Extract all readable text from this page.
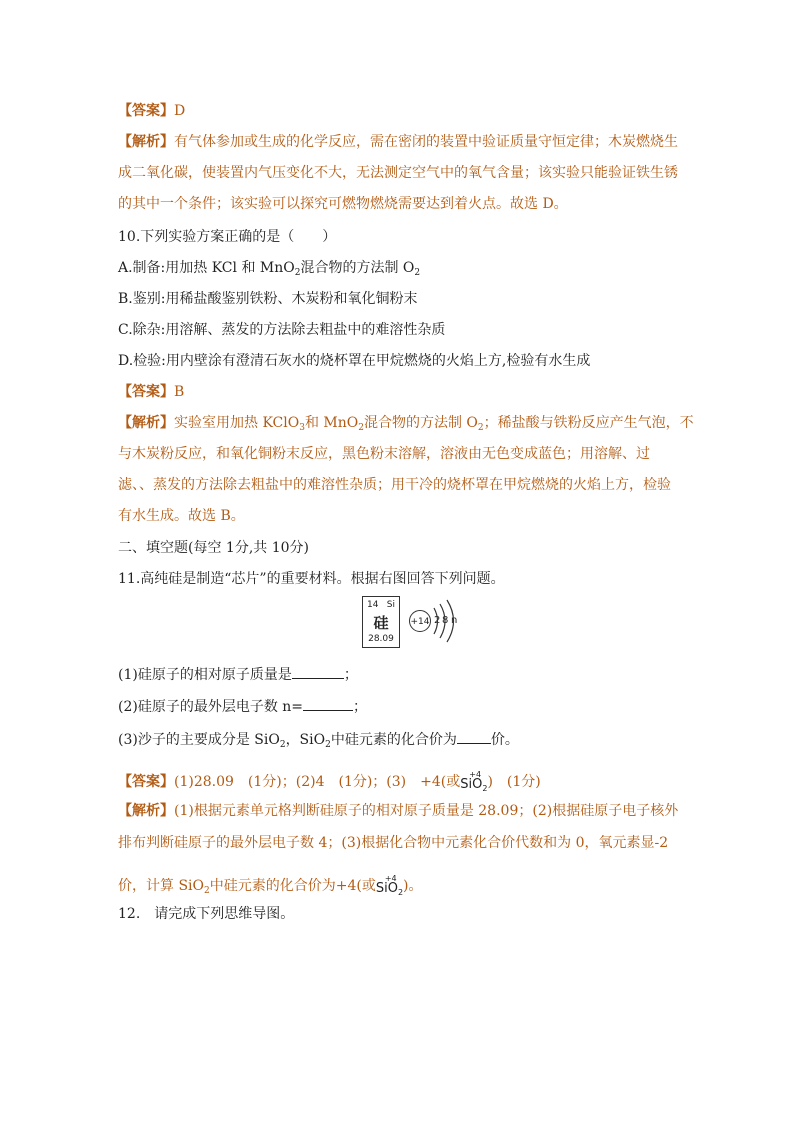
【答案】D
【解析】有气体参加或生成的化学反应，需在密闭的装置中验证质量守恒定律；木炭燃烧生
成二氧化碳，使装置内气压变化不大，无法测定空气中的氧气含量；该实验只能验证铁生锈
的其中一个条件；该实验可以探究可燃物燃烧需要达到着火点。故选 D。
10.下列实验方案正确的是（　　）
A.制备:用加热 KCl 和 MnO$_2$混合物的方法制 $O_2$
B.鉴别:用稀盐酸鉴别铁粉、木炭粉和氧化铜粉末
C.除杂:用溶解、蒸发的方法除去粗盐中的难溶性杂质
D.检验:用内壁涂有澄清石灰水的烧杯罩在甲烷燃烧的火焰上方,检验有水生成
【答案】B
【解析】实验室用加热 KClO$_3$和 MnO$_2$混合物的方法制 $O_2$；稀盐酸与铁粉反应产生气泡，不
与木炭粉反应，和氧化铜粉末反应，黑色粉末溶解，溶液由无色变成蓝色；用溶解、过
滤、、蒸发的方法除去粗盐中的难溶性杂质；用干冷的烧杯罩在甲烷燃烧的火焰上方，检验
有水生成。故选 B。
二、填空题(每空 1分,共 10分)
11.高纯硅是制造“芯片”的重要材料。根据右图回答下列问题。
14 Si
硅
28.09
+14 2 8 n
(1)硅原子的相对原子质量是	；
(2)硅原子的最外层电子数 n=	；
(3)沙子的主要成分是 SiO$_2$，SiO$_2$中硅元素的化合价为 价。
【答案】(1)28.09　(1分)；(2)4　(1分)；(3)　+4(或 +4
SiO$_2$)　(1分)
【解析】(1)根据元素单元格判断硅原子的相对原子质量是 28.09；(2)根据硅原子电子核外
排布判断硅原子的最外层电子数 4；(3)根据化合物中元素化合价代数和为 0，氧元素显-2
价，计算 SiO$_2$中硅元素的化合价为+4(或 +4
SiO$_2$)。
12.　请完成下列思维导图。
